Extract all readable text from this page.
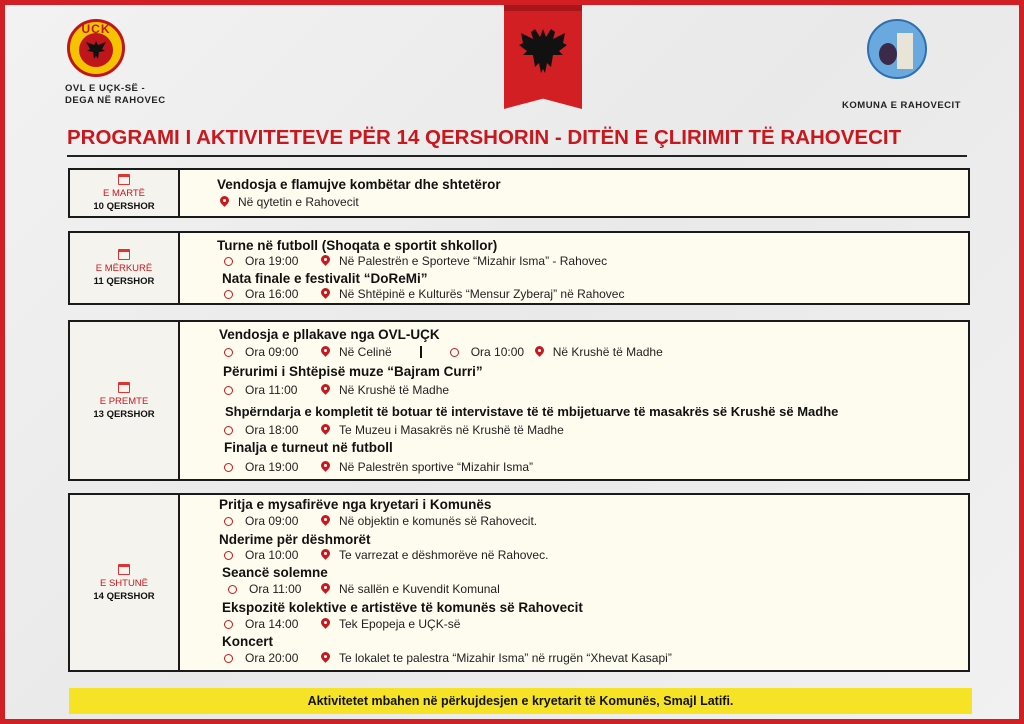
UÇK
OVL E UÇK-SË -
DEGA NË RAHOVEC	KOMUNA E RAHOVECIT
PROGRAMI I AKTIVITETEVE PËR 14 QERSHORIN - DITËN E ÇLIRIMIT TË RAHOVECIT
E MARTË
10 QERSHOR
Vendosja e flamujve kombëtar dhe shtetëror
Në qytetin e Rahovecit
E MËRKURË
11 QERSHOR
Turne në futboll (Shoqata e sportit shkollor)
Ora 19:00	Në Palestrën e Sporteve “Mizahir Isma” - Rahovec
Nata finale e festivalit “DoReMi”
Ora 16:00	Në Shtëpinë e Kulturës “Mensur Zyberaj” në Rahovec
E PREMTE
13 QERSHOR
Vendosja e pllakave nga OVL-UÇK
Ora 09:00	Në Celinë	Ora 10:00	Në Krushë të Madhe
Përurimi i Shtëpisë muze “Bajram Curri”
Ora 11:00	Në Krushë të Madhe
Shpërndarja e kompletit të botuar të intervistave të të mbijetuarve të masakrës së Krushë së Madhe
Ora 18:00	Te Muzeu i Masakrës në Krushë të Madhe
Finalja e turneut në futboll
Ora 19:00	Në Palestrën sportive “Mizahir Isma”
E SHTUNË
14 QERSHOR
Pritja e mysafirëve nga kryetari i Komunës
Ora 09:00	Në objektin e komunës së Rahovecit.
Nderime për dëshmorët
Ora 10:00	Te varrezat e dëshmorëve në Rahovec.
Seancë solemne
Ora 11:00	Në sallën e Kuvendit Komunal
Ekspozitë kolektive e artistëve të komunës së Rahovecit
Ora 14:00	Tek Epopeja e UÇK-së
Koncert
Ora 20:00	Te lokalet te palestra “Mizahir Isma” në rrugën “Xhevat Kasapi”
Aktivitetet mbahen në përkujdesjen e kryetarit të Komunës, Smajl Latifi.
